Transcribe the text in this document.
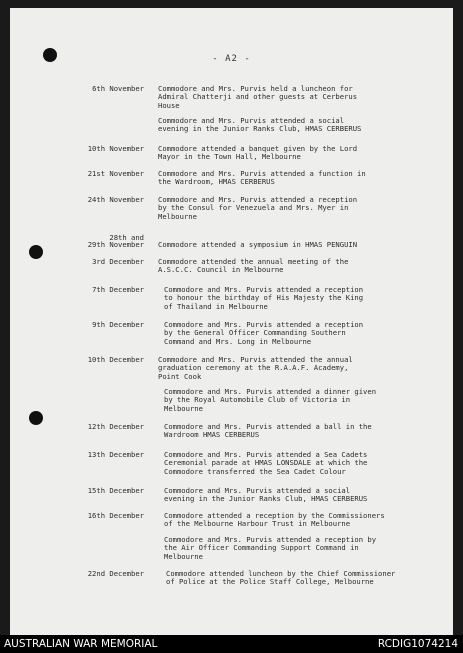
- A2 -
6th November Commodore and Mrs. Purvis held a luncheon for
Admiral Chatterji and other guests at Cerberus
House
Commodore and Mrs. Purvis attended a social
evening in the Junior Ranks Club, HMAS CERBERUS
10th November Commodore attended a banquet given by the Lord
Mayor in the Town Hall, Melbourne
21st November Commodore and Mrs. Purvis attended a function in
the Wardroom, HMAS CERBERUS
24th November Commodore and Mrs. Purvis attended a reception
by the Consul for Venezuela and Mrs. Myer in
Melbourne
28th and
29th November Commodore attended a symposium in HMAS PENGUIN
3rd December Commodore attended the annual meeting of the
A.S.C.C. Council in Melbourne
7th December	Commodore and Mrs. Purvis attended a reception
to honour the birthday of His Majesty the King
of Thailand in Melbourne
9th December	Commodore and Mrs. Purvis attended a reception
by the General Officer Commanding Southern
Command and Mrs. Long in Melbourne
10th December Commodore and Mrs. Purvis attended the annual
graduation ceremony at the R.A.A.F. Academy,
Point Cook
Commodore and Mrs. Purvis attended a dinner given
by the Royal Automobile Club of Victoria in
Melbourne
12th December	Commodore and Mrs. Purvis attended a ball in the
Wardroom HMAS CERBERUS
13th December	Commodore and Mrs. Purvis attended a Sea Cadets
Ceremonial parade at HMAS LONSDALE at which the
Commodore transferred the Sea Cadet Colour
15th December	Commodore and Mrs. Purvis attended a social
evening in the Junior Ranks Club, HMAS CERBERUS
16th December	Commodore attended a reception by the Commissioners
of the Melbourne Harbour Trust in Melbourne
Commodore and Mrs. Purvis attended a reception by
the Air Officer Commanding Support Command in
Melbourne
22nd December	Commodore attended luncheon by the Chief Commissioner
of Police at the Police Staff College, Melbourne
AUSTRALIAN WAR MEMORIAL	RCDIG1074214
